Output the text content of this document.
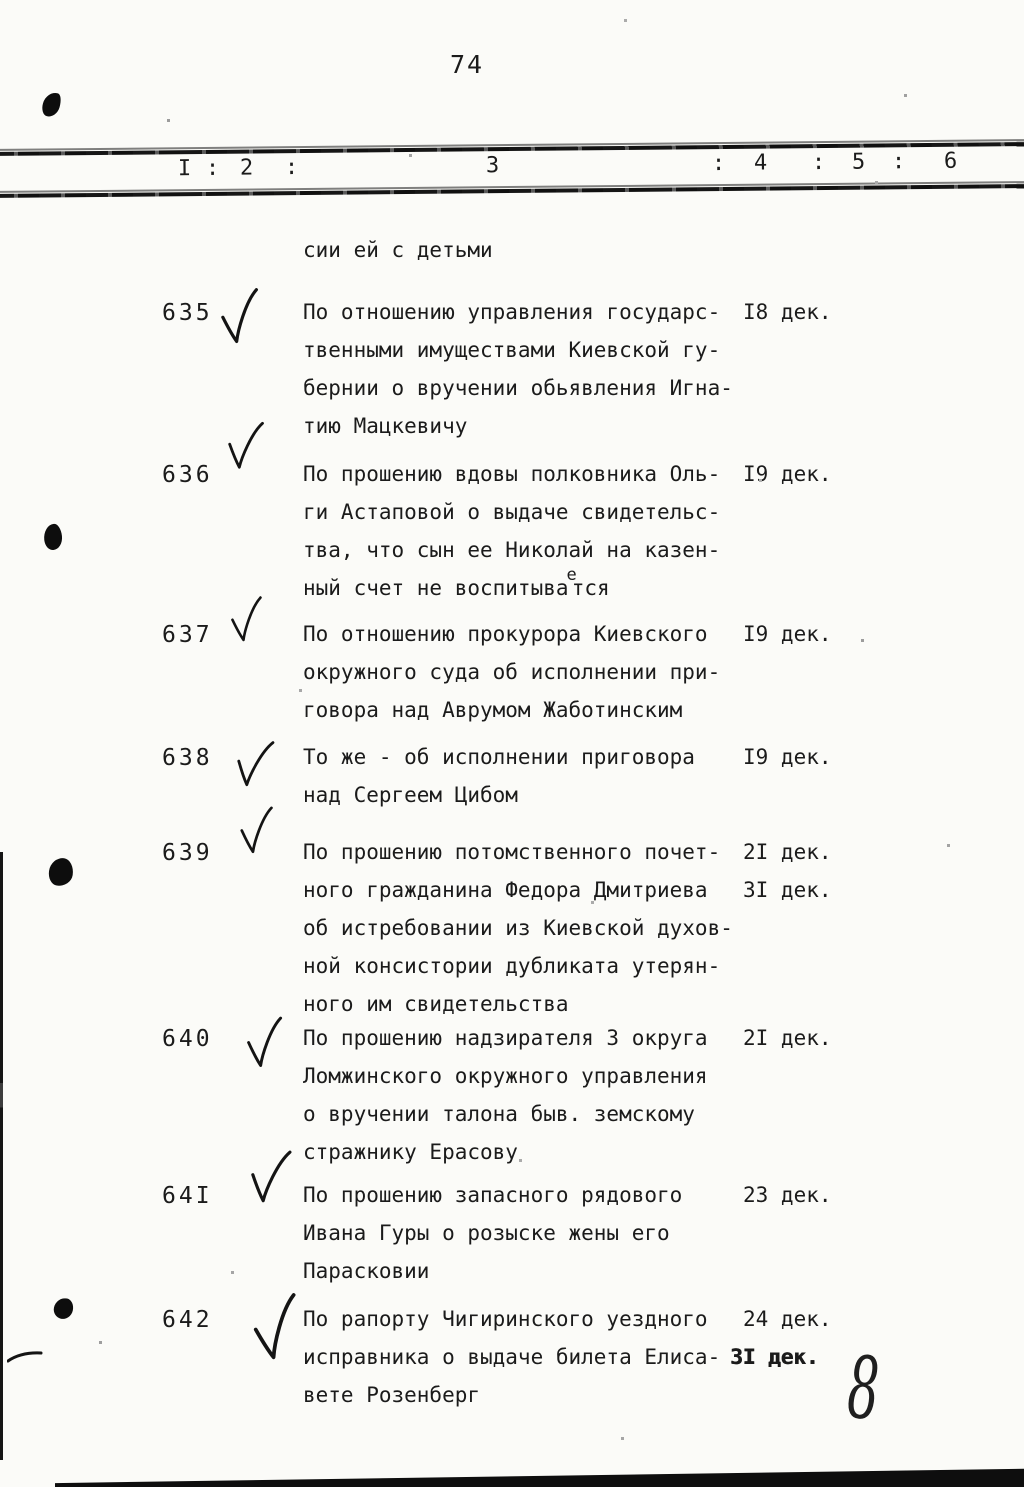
74
I : 2 :	3	: 4 : 5 : 6
сии ей с детьми
635	По отношению управления государс-
твенными имуществами Киевской гу-
бернии о вручении обьявления Игна-
тию Мацкевичу
I8 дек.
636	По прошению вдовы полковника Оль-
ги Астаповой о выдаче свидетельс-
тва, что сын ее Николай на казен-
ный счет не воспитыва$^е$тся
I9 дек.
637	По отношению прокурора Киевского
окружного суда об исполнении при-
говора над Аврумом Жаботинским
I9 дек.
638	То же - об исполнении приговора
над Сергеем Цибом
I9 дек.
639	По прошению потомственного почет-
ного гражданина Федора Дмитриева
об истребовании из Киевской духов-
ной консистории дубликата утерян-
ного им свидетельства
2I дек.
3I дек.
640	По прошению надзирателя 3 округа
Ломжинского окружного управления
о вручении талона быв. земскому
стражнику Ерасову
2I дек.
64I	По прошению запасного рядового
Ивана Гуры о розыске жены его
Парасковии
23 дек.
642	По рапорту Чигиринского уездного
исправника о выдаче билета Елиса-
вете Розенберг
24 дек.
3I дек. 8
